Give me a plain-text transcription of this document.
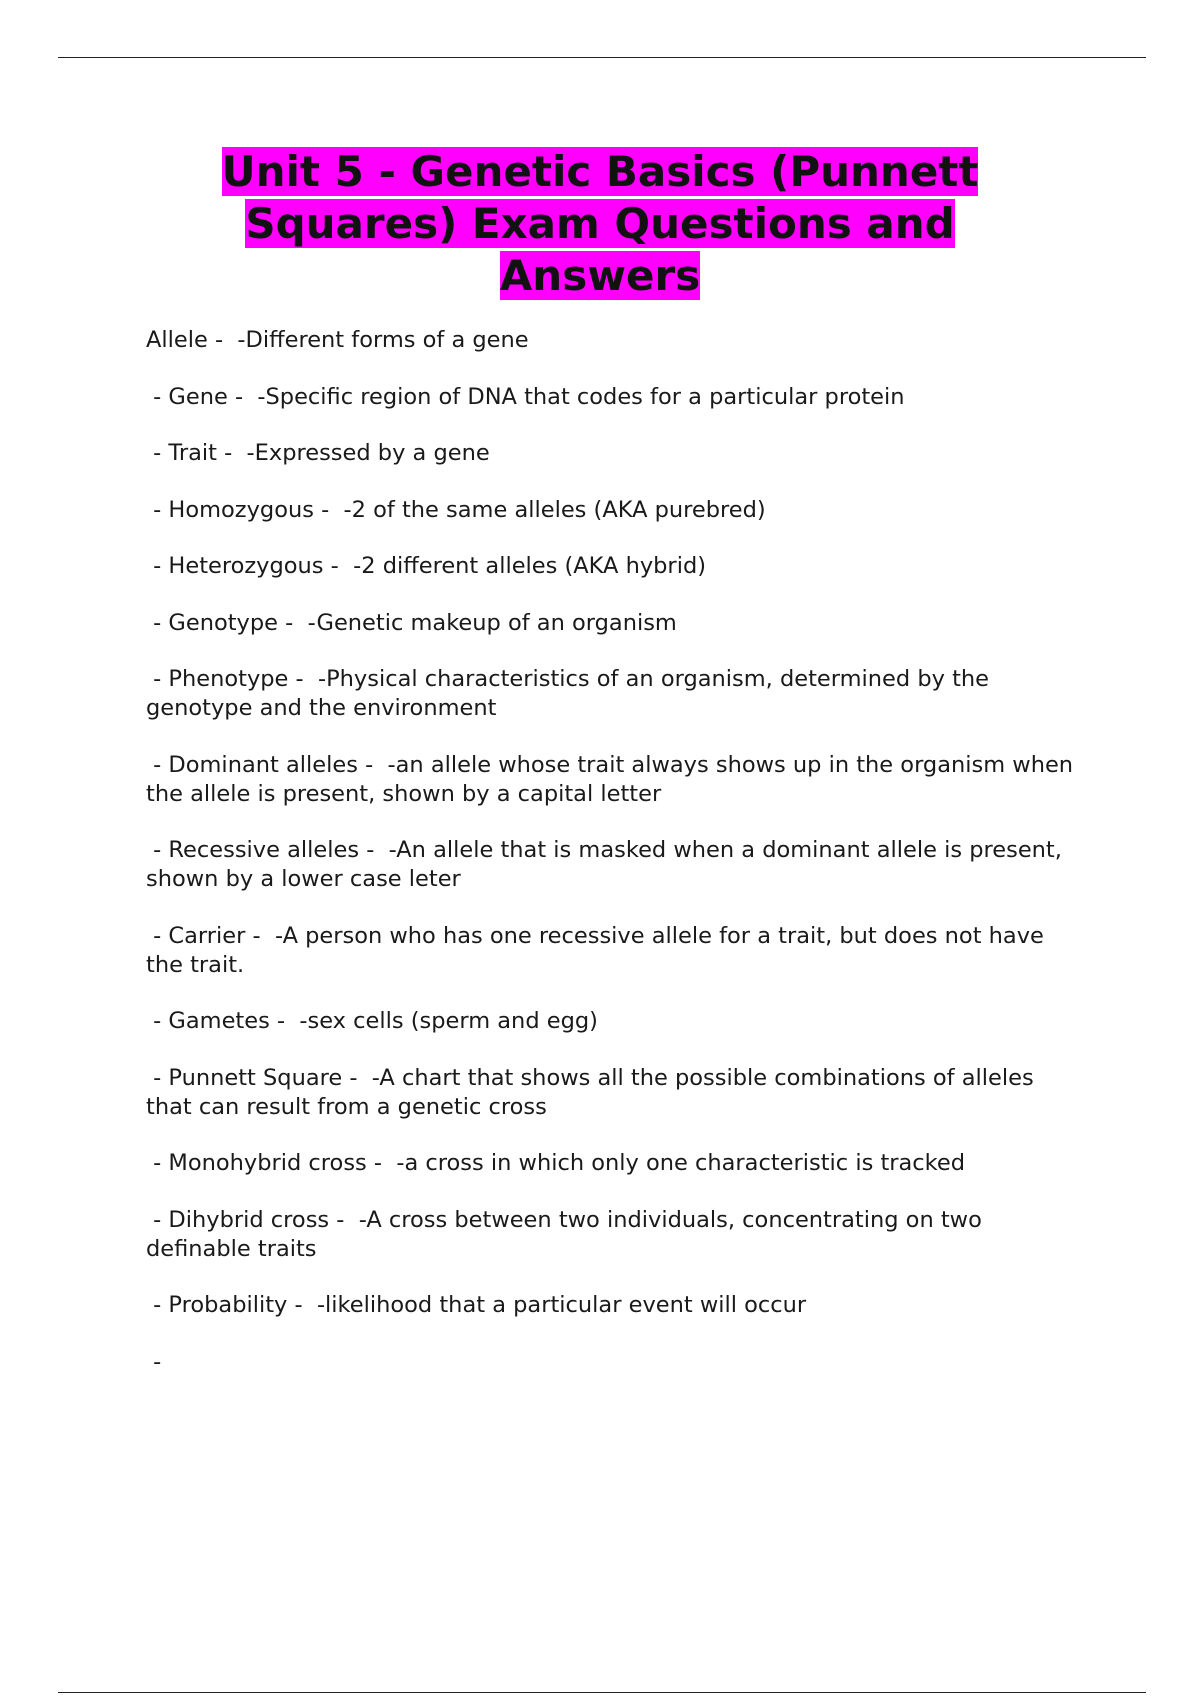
Unit 5 - Genetic Basics (Punnett Squares) Exam Questions and Answers
Allele -  -Different forms of a gene
- Gene -  -Specific region of DNA that codes for a particular protein
- Trait -  -Expressed by a gene
- Homozygous -  -2 of the same alleles (AKA purebred)
- Heterozygous -  -2 different alleles (AKA hybrid)
- Genotype -  -Genetic makeup of an organism
- Phenotype -  -Physical characteristics of an organism, determined by the genotype and the environment
- Dominant alleles -  -an allele whose trait always shows up in the organism when the allele is present, shown by a capital letter
- Recessive alleles -  -An allele that is masked when a dominant allele is present, shown by a lower case leter
- Carrier -  -A person who has one recessive allele for a trait, but does not have the trait.
- Gametes -  -sex cells (sperm and egg)
- Punnett Square -  -A chart that shows all the possible combinations of alleles that can result from a genetic cross
- Monohybrid cross -  -a cross in which only one characteristic is tracked
- Dihybrid cross -  -A cross between two individuals, concentrating on two definable traits
- Probability -  -likelihood that a particular event will occur
-
